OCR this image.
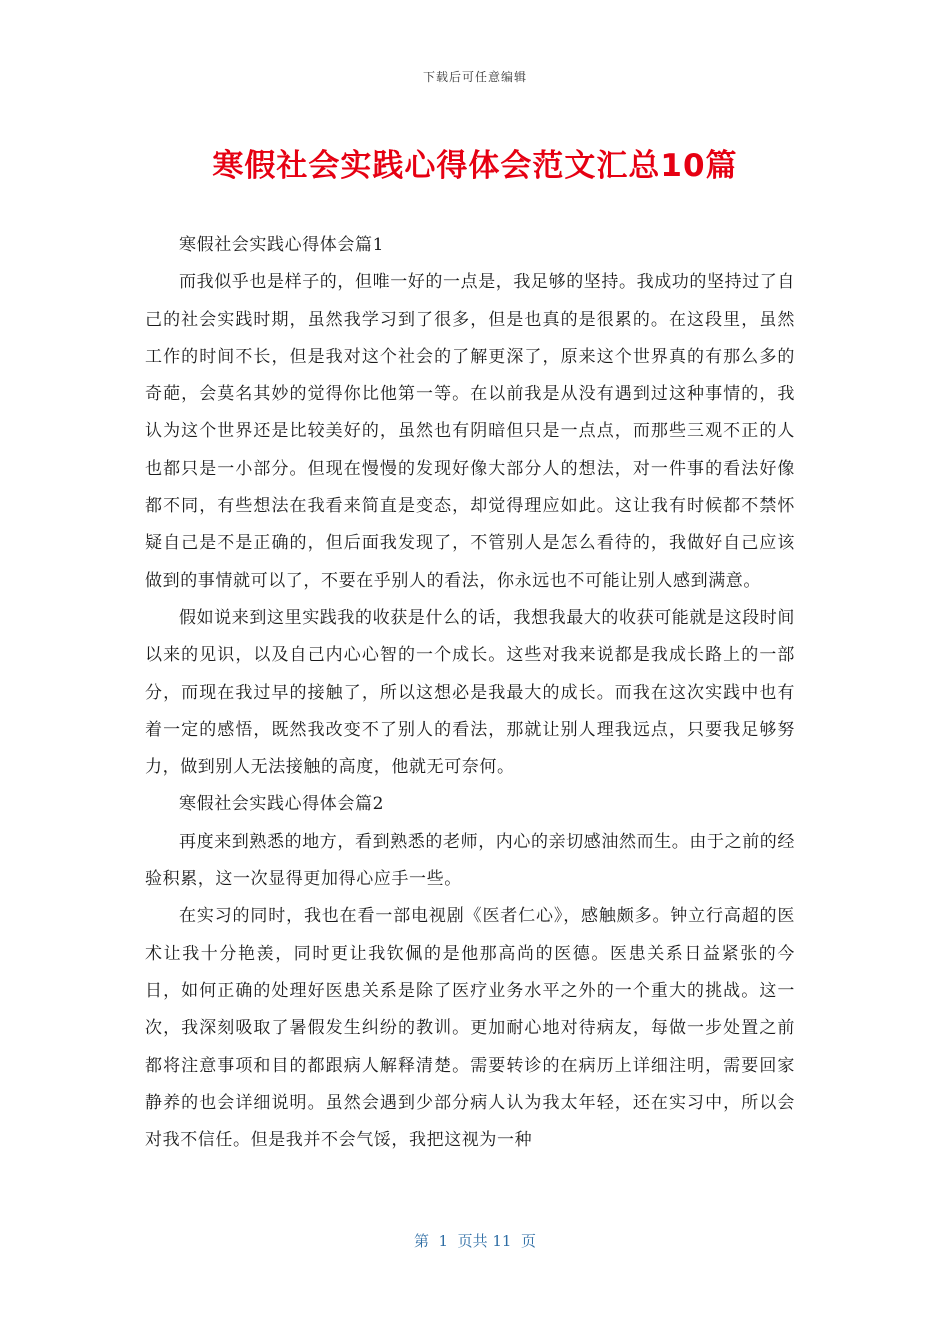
下载后可任意编辑
寒假社会实践心得体会范文汇总10篇

寒假社会实践心得体会篇1

而我似乎也是样子的，但唯一好的一点是，我足够的坚持。我成功的坚持过了自己的社会实践时期，虽然我学习到了很多，但是也真的是很累的。在这段里，虽然工作的时间不长，但是我对这个社会的了解更深了，原来这个世界真的有那么多的奇葩，会莫名其妙的觉得你比他第一等。在以前我是从没有遇到过这种事情的，我认为这个世界还是比较美好的，虽然也有阴暗但只是一点点，而那些三观不正的人也都只是一小部分。但现在慢慢的发现好像大部分人的想法，对一件事的看法好像都不同，有些想法在我看来简直是变态，却觉得理应如此。这让我有时候都不禁怀疑自己是不是正确的，但后面我发现了，不管别人是怎么看待的，我做好自己应该做到的事情就可以了，不要在乎别人的看法，你永远也不可能让别人感到满意。

假如说来到这里实践我的收获是什么的话，我想我最大的收获可能就是这段时间以来的见识，以及自己内心心智的一个成长。这些对我来说都是我成长路上的一部分，而现在我过早的接触了，所以这想必是我最大的成长。而我在这次实践中也有着一定的感悟，既然我改变不了别人的看法，那就让别人理我远点，只要我足够努力，做到别人无法接触的高度，他就无可奈何。

寒假社会实践心得体会篇2

再度来到熟悉的地方，看到熟悉的老师，内心的亲切感油然而生。由于之前的经验积累，这一次显得更加得心应手一些。

在实习的同时，我也在看一部电视剧《医者仁心》，感触颇多。钟立行高超的医术让我十分艳羡，同时更让我钦佩的是他那高尚的医德。医患关系日益紧张的今日，如何正确的处理好医患关系是除了医疗业务水平之外的一个重大的挑战。这一次，我深刻吸取了暑假发生纠纷的教训。更加耐心地对待病友，每做一步处置之前都将注意事项和目的都跟病人解释清楚。需要转诊的在病历上详细注明，需要回家静养的也会详细说明。虽然会遇到少部分病人认为我太年轻，还在实习中，所以会对我不信任。但是我并不会气馁，我把这视为一种

第  1  页共 11  页
